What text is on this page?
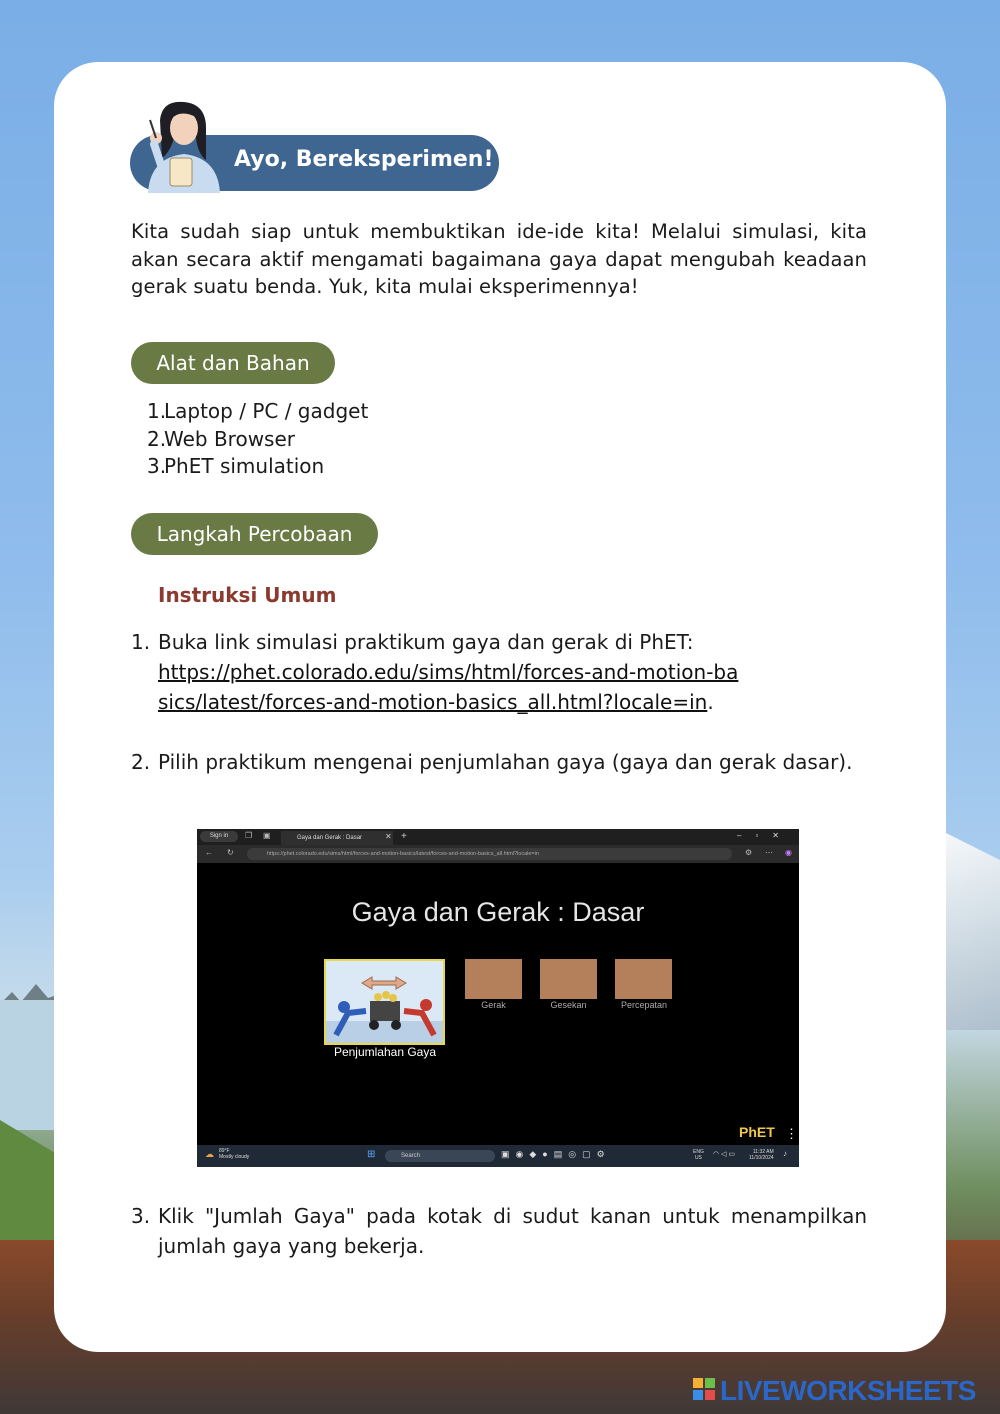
Ayo, Bereksperimen!

Kita sudah siap untuk membuktikan ide-ide kita! Melalui simulasi, kita akan secara aktif mengamati bagaimana gaya dapat mengubah keadaan gerak suatu benda. Yuk, kita mulai eksperimennya!

Alat dan Bahan
1.
Laptop / PC / gadget
2.
Web Browser
3.
PhET simulation
Langkah Percobaan
Instruksi Umum
1. Buka link simulasi praktikum gaya dan gerak di PhET:
https://phet.colorado.edu/sims/html/forces-and-motion-basics/latest/forces-and-motion-basics_all.html?locale=in.
2. Pilih praktikum mengenai penjumlahan gaya (gaya dan gerak dasar).
Sign in	❐ ▣	Gaya dan Gerak : Dasar	✕ +	–▫✕
← ↻	https://phet.colorado.edu/sims/html/forces-and-motion-basics/latest/forces-and-motion-basics_all.html?locale=in	⚙ ⋯ ◉
Gaya dan Gerak : Dasar
Penjumlahan Gaya
Gerak	Gesekan	Percepatan
PhET ⋮
☁ 89°F
Mostly cloudy	⊞	Search	▣◉◆●▤◎▢⚙	ENG
US ◠ ◁ ▭	11:32 AM
11/10/2024 ♪
3. Klik "Jumlah Gaya" pada kotak di sudut kanan untuk menampilkan jumlah gaya yang bekerja.
LIVEWORKSHEETS
